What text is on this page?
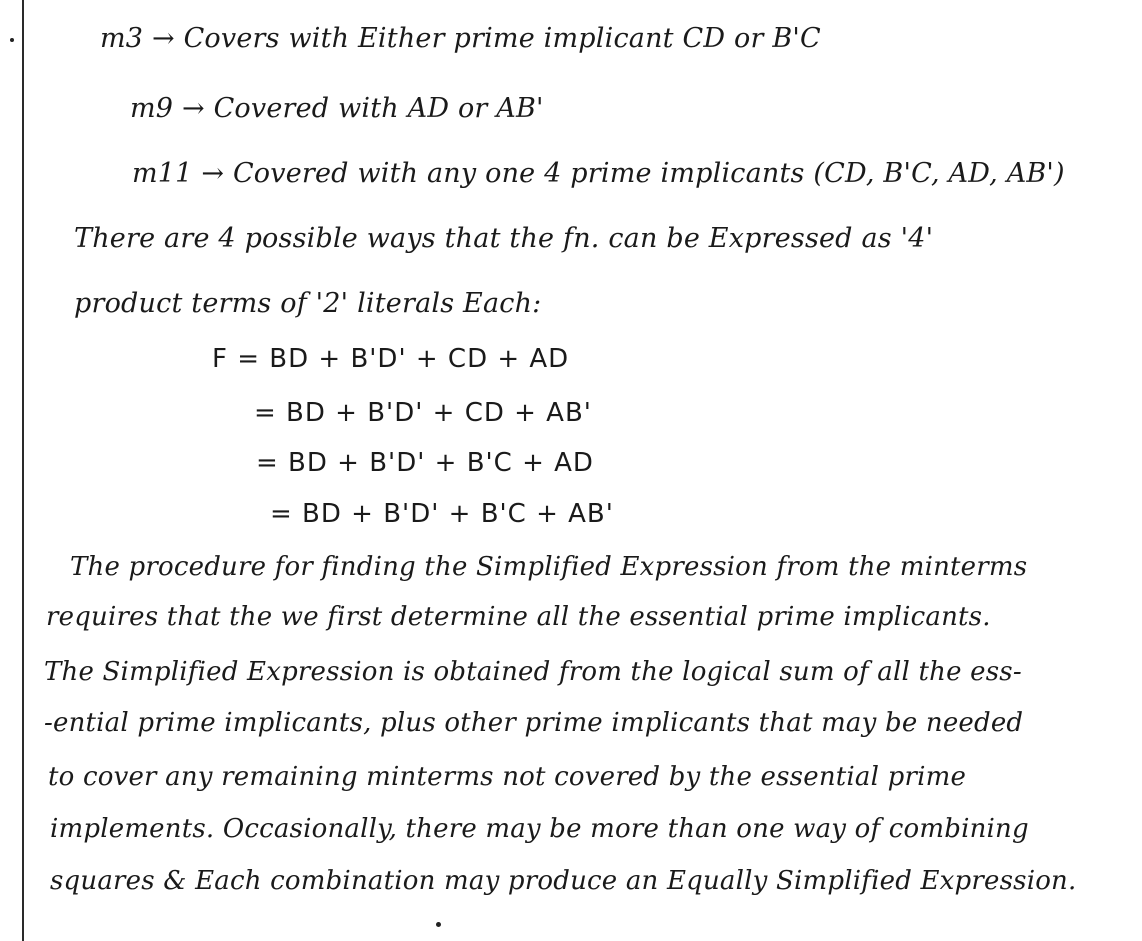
m3 → Covers with Either prime implicant CD or B'C
m9 → Covered with AD or AB'
m11 → Covered with any one 4 prime implicants (CD, B'C, AD, AB')
There are 4 possible ways that the fn. can be Expressed as '4'
product terms of '2' literals Each:
F = BD + B'D' + CD + AD
= BD + B'D' + CD + AB'
= BD + B'D' + B'C + AD
= BD + B'D' + B'C + AB'
The procedure for finding the Simplified Expression from the minterms
requires that the we first determine all the essential prime implicants.
The Simplified Expression is obtained from the logical sum of all the ess-
-ential prime implicants, plus other prime implicants that may be needed
to cover any remaining minterms not covered by the essential prime
implements. Occasionally, there may be more than one way of combining
squares & Each combination may produce an Equally Simplified Expression.
